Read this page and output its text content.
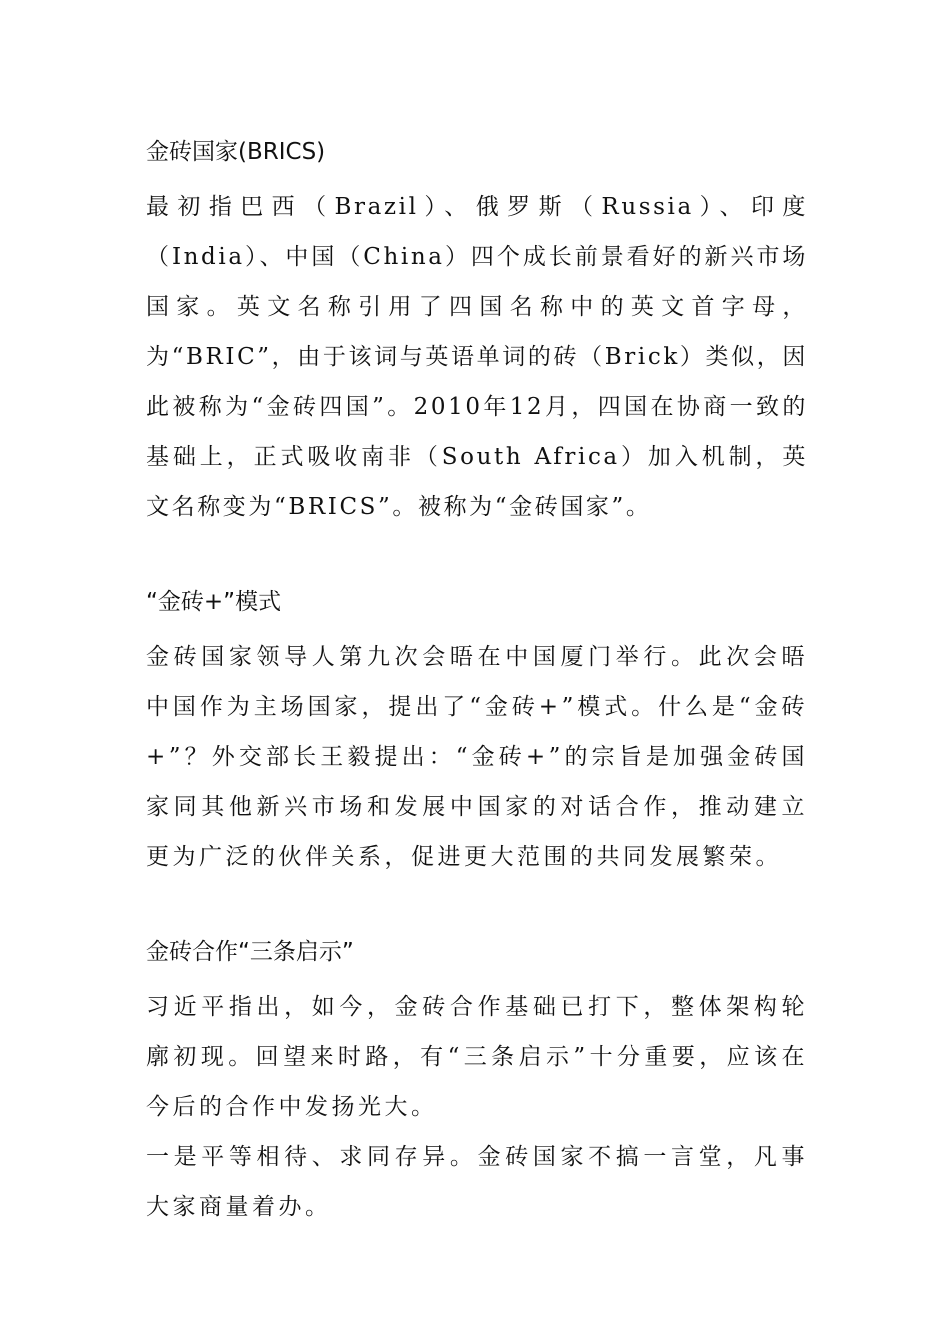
金砖国家(BRICS)

最初指巴西（Brazil）、俄罗斯（Russia）、印度（India）、中国（China）四个成长前景看好的新兴市场国家。英文名称引用了四国名称中的英文首字母，为“BRIC”，由于该词与英语单词的砖（Brick）类似，因此被称为“金砖四国”。2010年12月，四国在协商一致的基础上，正式吸收南非（South Africa）加入机制，英文名称变为“BRICS”。被称为“金砖国家”。

“金砖+”模式

金砖国家领导人第九次会晤在中国厦门举行。此次会晤中国作为主场国家，提出了“金砖+”模式。什么是“金砖+”？外交部长王毅提出：“金砖+”的宗旨是加强金砖国家同其他新兴市场和发展中国家的对话合作，推动建立更为广泛的伙伴关系，促进更大范围的共同发展繁荣。

金砖合作“三条启示”

习近平指出，如今，金砖合作基础已打下，整体架构轮廓初现。回望来时路，有“三条启示”十分重要，应该在今后的合作中发扬光大。

一是平等相待、求同存异。金砖国家不搞一言堂，凡事大家商量着办。
